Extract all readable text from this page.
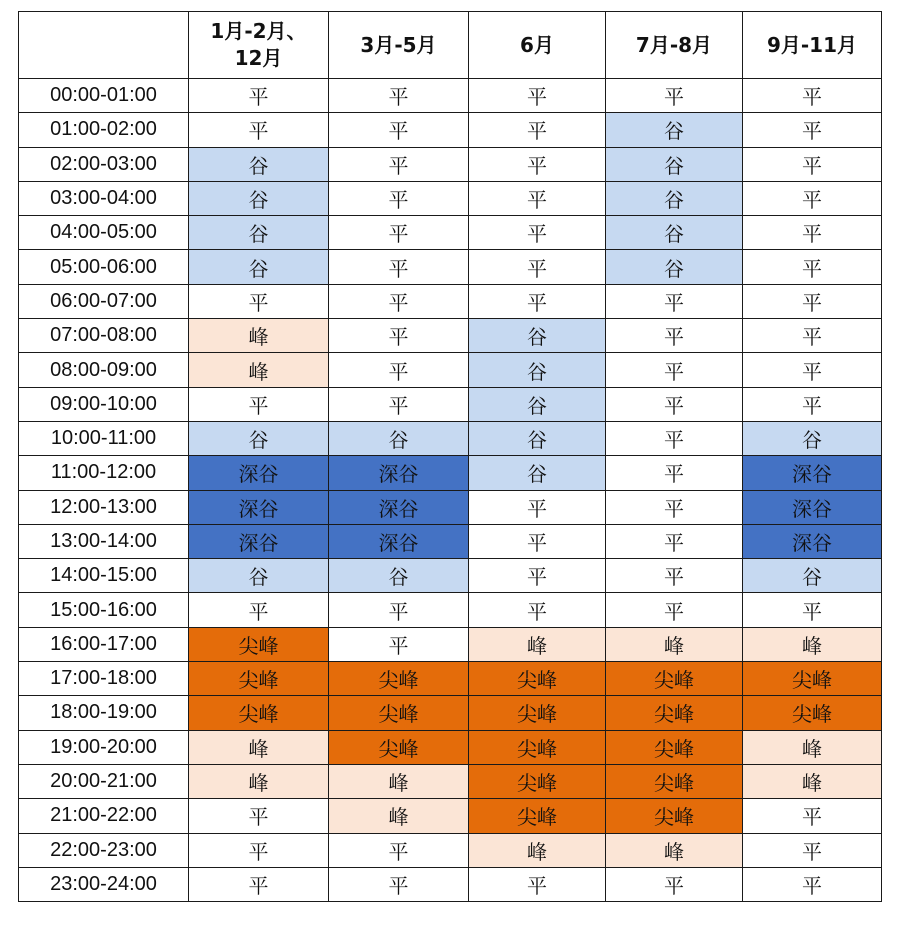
	1月-2月、
12月	3月-5月	6月	7月-8月	9月-11月
00:00-01:00	平	平	平	平	平
01:00-02:00	平	平	平	谷	平
02:00-03:00	谷	平	平	谷	平
03:00-04:00	谷	平	平	谷	平
04:00-05:00	谷	平	平	谷	平
05:00-06:00	谷	平	平	谷	平
06:00-07:00	平	平	平	平	平
07:00-08:00	峰	平	谷	平	平
08:00-09:00	峰	平	谷	平	平
09:00-10:00	平	平	谷	平	平
10:00-11:00	谷	谷	谷	平	谷
11:00-12:00	深谷	深谷	谷	平	深谷
12:00-13:00	深谷	深谷	平	平	深谷
13:00-14:00	深谷	深谷	平	平	深谷
14:00-15:00	谷	谷	平	平	谷
15:00-16:00	平	平	平	平	平
16:00-17:00	尖峰	平	峰	峰	峰
17:00-18:00	尖峰	尖峰	尖峰	尖峰	尖峰
18:00-19:00	尖峰	尖峰	尖峰	尖峰	尖峰
19:00-20:00	峰	尖峰	尖峰	尖峰	峰
20:00-21:00	峰	峰	尖峰	尖峰	峰
21:00-22:00	平	峰	尖峰	尖峰	平
22:00-23:00	平	平	峰	峰	平
23:00-24:00	平	平	平	平	平
